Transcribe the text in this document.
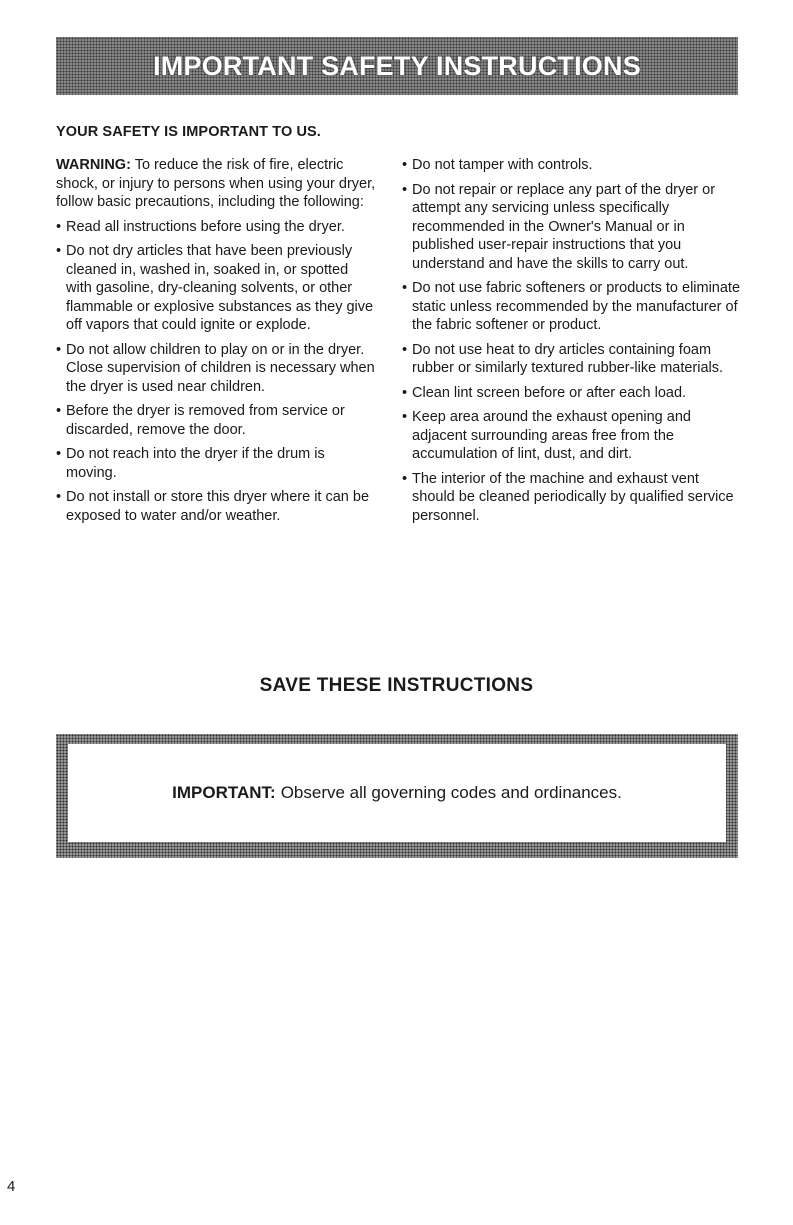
IMPORTANT SAFETY INSTRUCTIONS
YOUR SAFETY IS IMPORTANT TO US.

WARNING: To reduce the risk of fire, electric shock, or injury to persons when using your dryer, follow basic precautions, including the following:

• Read all instructions before using the dryer.
• Do not dry articles that have been previously cleaned in, washed in, soaked in, or spotted with gasoline, dry-cleaning solvents, or other flammable or explosive substances as they give off vapors that could ignite or explode.
• Do not allow children to play on or in the dryer. Close supervision of children is necessary when the dryer is used near children.
• Before the dryer is removed from service or discarded, remove the door.
• Do not reach into the dryer if the drum is moving.
• Do not install or store this dryer where it can be exposed to water and/or weather.
• Do not tamper with controls.
• Do not repair or replace any part of the dryer or attempt any servicing unless specifically recommended in the Owner's Manual or in published user-repair instructions that you understand and have the skills to carry out.
• Do not use fabric softeners or products to eliminate static unless recommended by the manufacturer of the fabric softener or product.
• Do not use heat to dry articles containing foam rubber or similarly textured rubber-like materials.
• Clean lint screen before or after each load.
• Keep area around the exhaust opening and adjacent surrounding areas free from the accumulation of lint, dust, and dirt.
• The interior of the machine and exhaust vent should be cleaned periodically by qualified service personnel.
SAVE THESE INSTRUCTIONS
IMPORTANT: Observe all governing codes and ordinances.
4
